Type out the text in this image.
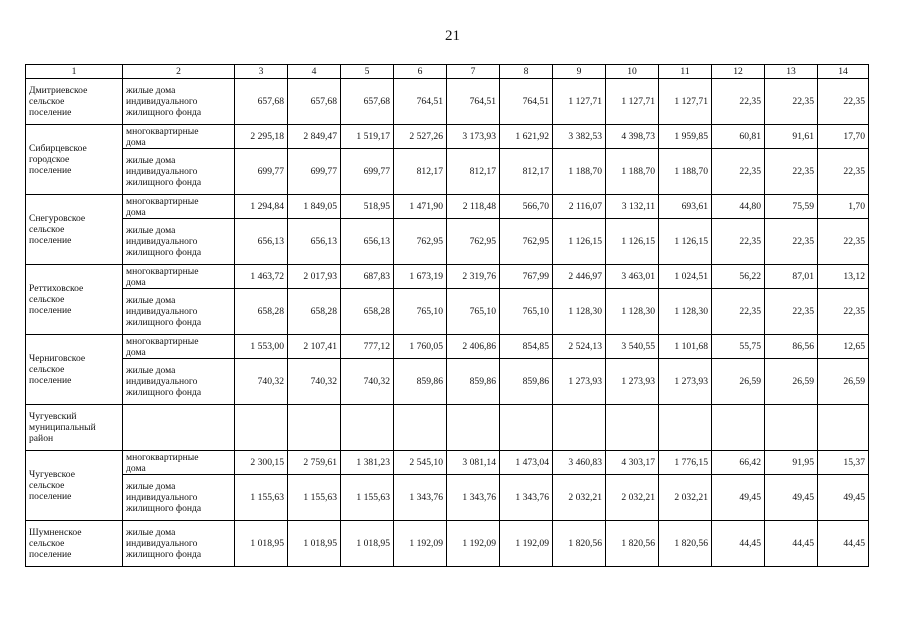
21
1	2	3	4	5	6	7	8	9	10	11	12	13	14
Дмитриевское
сельское
поселение	жилые дома
индивидуального
жилищного фонда	657,68	657,68	657,68	764,51	764,51	764,51	1 127,71	1 127,71	1 127,71	22,35	22,35	22,35
Сибирцевское
городское
поселение	многоквартирные
дома	2 295,18	2 849,47	1 519,17	2 527,26	3 173,93	1 621,92	3 382,53	4 398,73	1 959,85	60,81	91,61	17,70
	жилые дома
индивидуального
жилищного фонда	699,77	699,77	699,77	812,17	812,17	812,17	1 188,70	1 188,70	1 188,70	22,35	22,35	22,35
Снегуровское
сельское
поселение	многоквартирные
дома	1 294,84	1 849,05	518,95	1 471,90	2 118,48	566,70	2 116,07	3 132,11	693,61	44,80	75,59	1,70
	жилые дома
индивидуального
жилищного фонда	656,13	656,13	656,13	762,95	762,95	762,95	1 126,15	1 126,15	1 126,15	22,35	22,35	22,35
Реттиховское
сельское
поселение	многоквартирные
дома	1 463,72	2 017,93	687,83	1 673,19	2 319,76	767,99	2 446,97	3 463,01	1 024,51	56,22	87,01	13,12
	жилые дома
индивидуального
жилищного фонда	658,28	658,28	658,28	765,10	765,10	765,10	1 128,30	1 128,30	1 128,30	22,35	22,35	22,35
Черниговское
сельское
поселение	многоквартирные
дома	1 553,00	2 107,41	777,12	1 760,05	2 406,86	854,85	2 524,13	3 540,55	1 101,68	55,75	86,56	12,65
	жилые дома
индивидуального
жилищного фонда	740,32	740,32	740,32	859,86	859,86	859,86	1 273,93	1 273,93	1 273,93	26,59	26,59	26,59
Чугуевский
муниципальный
район													
Чугуевское
сельское
поселение	многоквартирные
дома	2 300,15	2 759,61	1 381,23	2 545,10	3 081,14	1 473,04	3 460,83	4 303,17	1 776,15	66,42	91,95	15,37
	жилые дома
индивидуального
жилищного фонда	1 155,63	1 155,63	1 155,63	1 343,76	1 343,76	1 343,76	2 032,21	2 032,21	2 032,21	49,45	49,45	49,45
Шумненское
сельское
поселение	жилые дома
индивидуального
жилищного фонда	1 018,95	1 018,95	1 018,95	1 192,09	1 192,09	1 192,09	1 820,56	1 820,56	1 820,56	44,45	44,45	44,45
